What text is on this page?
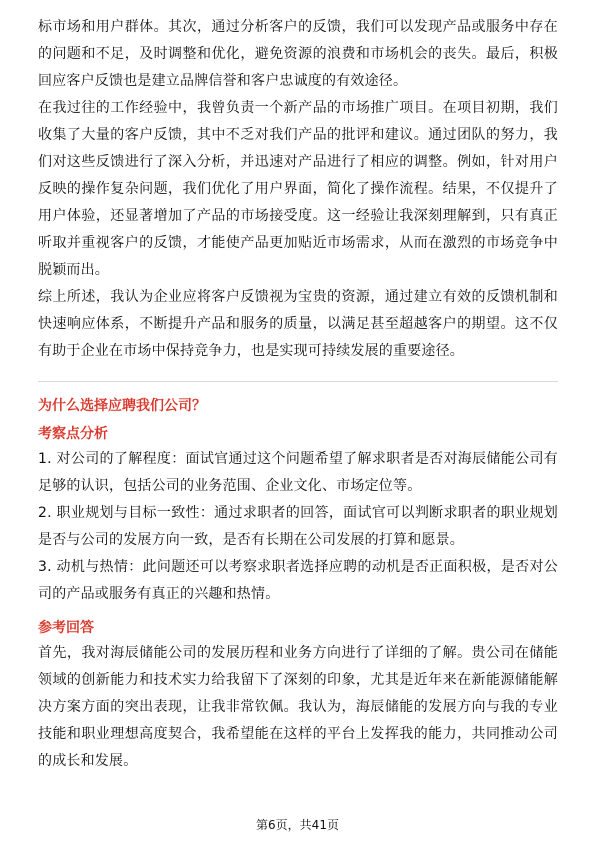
标市场和用户群体。其次，通过分析客户的反馈，我们可以发现产品或服务中存在的问题和不足，及时调整和优化，避免资源的浪费和市场机会的丧失。最后，积极回应客户反馈也是建立品牌信誉和客户忠诚度的有效途径。

在我过往的工作经验中，我曾负责一个新产品的市场推广项目。在项目初期，我们收集了大量的客户反馈，其中不乏对我们产品的批评和建议。通过团队的努力，我们对这些反馈进行了深入分析，并迅速对产品进行了相应的调整。例如，针对用户反映的操作复杂问题，我们优化了用户界面，简化了操作流程。结果，不仅提升了用户体验，还显著增加了产品的市场接受度。这一经验让我深刻理解到，只有真正听取并重视客户的反馈，才能使产品更加贴近市场需求，从而在激烈的市场竞争中脱颖而出。

综上所述，我认为企业应将客户反馈视为宝贵的资源，通过建立有效的反馈机制和快速响应体系，不断提升产品和服务的质量，以满足甚至超越客户的期望。这不仅有助于企业在市场中保持竞争力，也是实现可持续发展的重要途径。

为什么选择应聘我们公司？
考察点分析

1. 对公司的了解程度：面试官通过这个问题希望了解求职者是否对海辰储能公司有足够的认识，包括公司的业务范围、企业文化、市场定位等。

2. 职业规划与目标一致性：通过求职者的回答，面试官可以判断求职者的职业规划是否与公司的发展方向一致，是否有长期在公司发展的打算和愿景。

3. 动机与热情：此问题还可以考察求职者选择应聘的动机是否正面积极，是否对公司的产品或服务有真正的兴趣和热情。

参考回答

首先，我对海辰储能公司的发展历程和业务方向进行了详细的了解。贵公司在储能领域的创新能力和技术实力给我留下了深刻的印象，尤其是近年来在新能源储能解决方案方面的突出表现，让我非常钦佩。我认为，海辰储能的发展方向与我的专业技能和职业理想高度契合，我希望能在这样的平台上发挥我的能力，共同推动公司的成长和发展。

第6页，共41页
